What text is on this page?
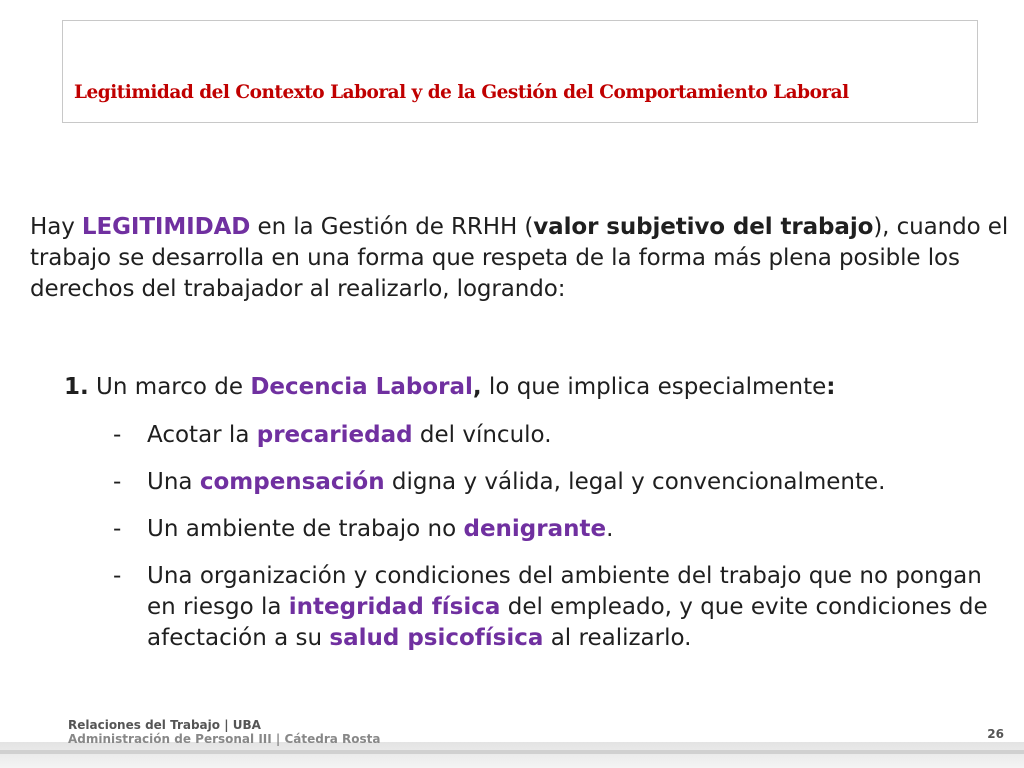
Legitimidad del Contexto Laboral y de la Gestión del Comportamiento Laboral
Hay LEGITIMIDAD en la Gestión de RRHH (valor subjetivo del trabajo), cuando el trabajo se desarrolla en una forma que respeta de la forma más plena posible los derechos del trabajador al realizarlo, logrando:
1. Un marco de Decencia Laboral, lo que implica especialmente:
- Acotar la precariedad del vínculo.
- Una compensación digna y válida, legal y convencionalmente.
- Un ambiente de trabajo no denigrante.
- Una organización y condiciones del ambiente del trabajo que no pongan en riesgo la integridad física del empleado, y que evite condiciones de afectación a su salud psicofísica al realizarlo.
Relaciones del Trabajo | UBA
Administración de Personal III | Cátedra Rosta	26
